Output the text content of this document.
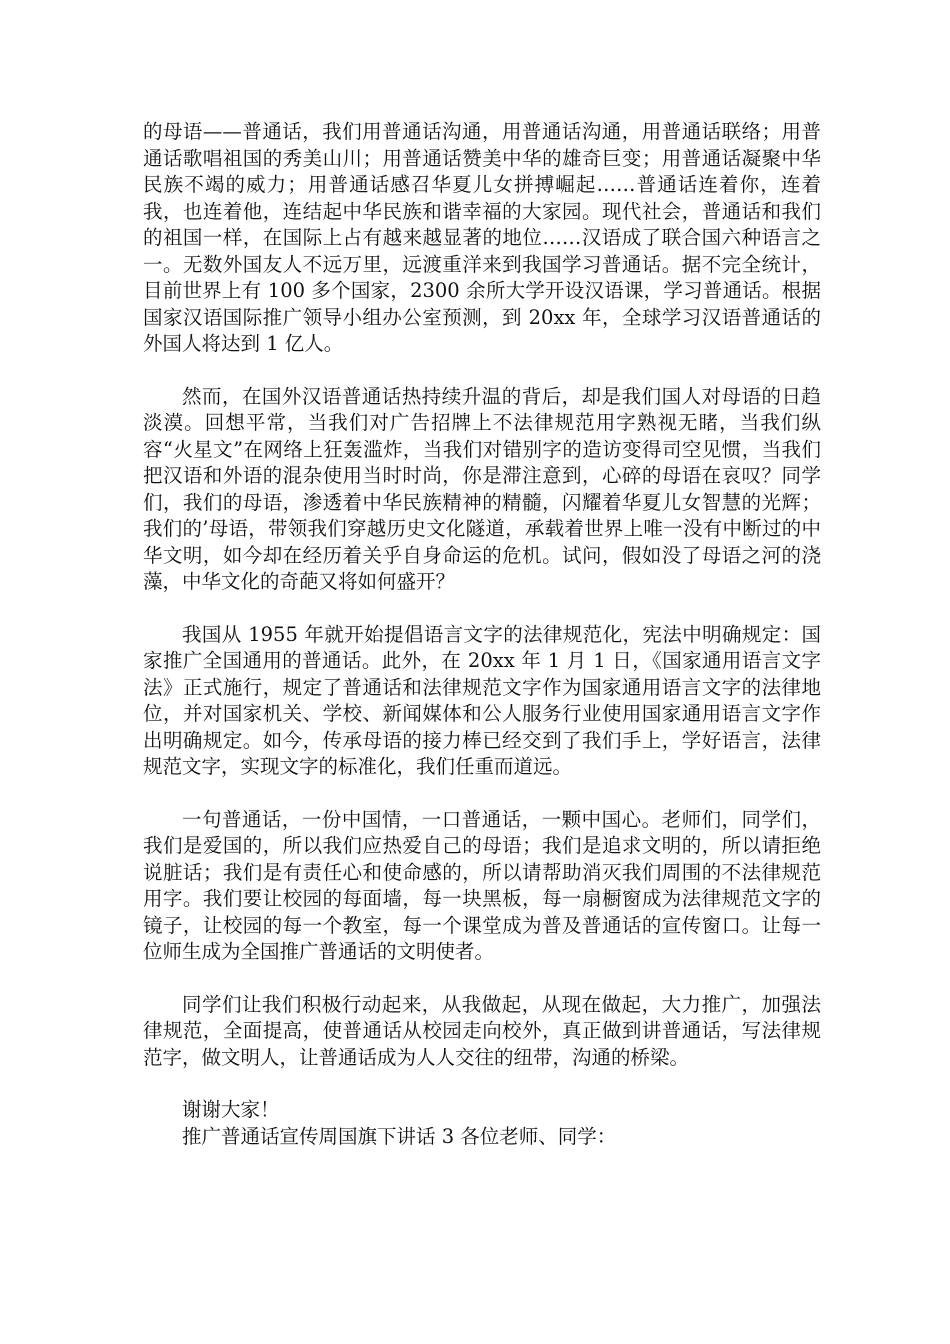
的母语——普通话，我们用普通话沟通，用普通话沟通，用普通话联络；用普通话歌唱祖国的秀美山川；用普通话赞美中华的雄奇巨变；用普通话凝聚中华民族不竭的威力；用普通话感召华夏儿女拼搏崛起……普通话连着你，连着我，也连着他，连结起中华民族和谐幸福的大家园。现代社会，普通话和我们的祖国一样，在国际上占有越来越显著的地位……汉语成了联合国六种语言之一。无数外国友人不远万里，远渡重洋来到我国学习普通话。据不完全统计，目前世界上有 100 多个国家，2300 余所大学开设汉语课，学习普通话。根据国家汉语国际推广领导小组办公室预测，到 20xx 年，全球学习汉语普通话的外国人将达到 1 亿人。

然而，在国外汉语普通话热持续升温的背后，却是我们国人对母语的日趋淡漠。回想平常，当我们对广告招牌上不法律规范用字熟视无睹，当我们纵容“火星文”在网络上狂轰滥炸，当我们对错别字的造访变得司空见惯，当我们把汉语和外语的混杂使用当时时尚，你是滞注意到，心碎的母语在哀叹？同学们，我们的母语，渗透着中华民族精神的精髓，闪耀着华夏儿女智慧的光辉；我们的’母语，带领我们穿越历史文化隧道，承载着世界上唯一没有中断过的中华文明，如今却在经历着关乎自身命运的危机。试问，假如没了母语之河的浇藻，中华文化的奇葩又将如何盛开？

我国从 1955 年就开始提倡语言文字的法律规范化，宪法中明确规定：国家推广全国通用的普通话。此外，在 20xx 年 1 月 1 日，《国家通用语言文字法》正式施行，规定了普通话和法律规范文字作为国家通用语言文字的法律地位，并对国家机关、学校、新闻媒体和公人服务行业使用国家通用语言文字作出明确规定。如今，传承母语的接力棒已经交到了我们手上，学好语言，法律规范文字，实现文字的标准化，我们任重而道远。

一句普通话，一份中国情，一口普通话，一颗中国心。老师们，同学们，我们是爱国的，所以我们应热爱自己的母语；我们是追求文明的，所以请拒绝说脏话；我们是有责任心和使命感的，所以请帮助消灭我们周围的不法律规范用字。我们要让校园的每面墙，每一块黑板，每一扇橱窗成为法律规范文字的镜子，让校园的每一个教室，每一个课堂成为普及普通话的宣传窗口。让每一位师生成为全国推广普通话的文明使者。

同学们让我们积极行动起来，从我做起，从现在做起，大力推广，加强法律规范，全面提高，使普通话从校园走向校外，真正做到讲普通话，写法律规范字，做文明人，让普通话成为人人交往的纽带，沟通的桥梁。

谢谢大家！

推广普通话宣传周国旗下讲话 3 各位老师、同学：
